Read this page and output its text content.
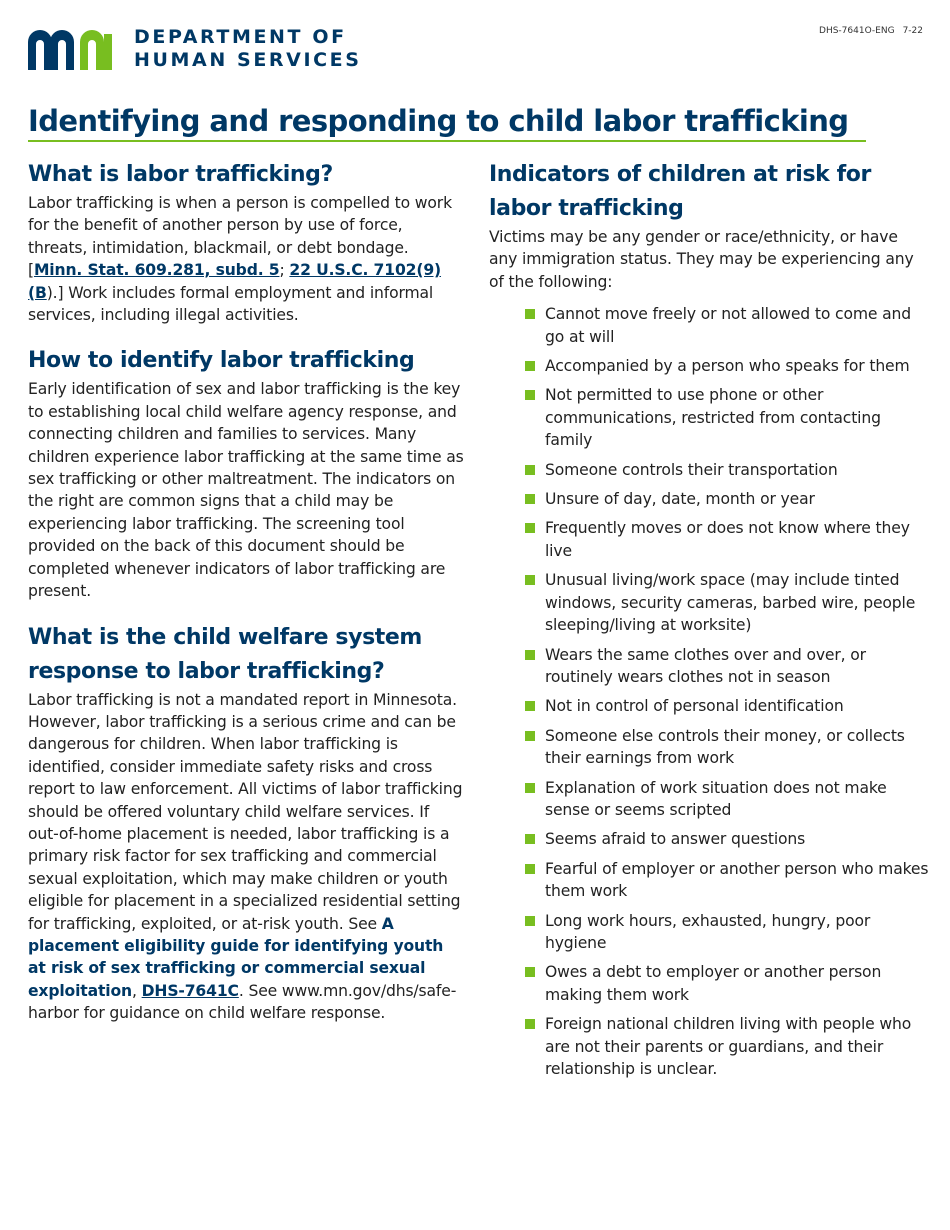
DEPARTMENT OF
HUMAN SERVICES
DHS-7641O-ENG 7-22
Identifying and responding to child labor trafficking
What is labor trafficking?

Labor trafficking is when a person is compelled to work for the benefit of another person by use of force, threats, intimidation, blackmail, or debt bondage. [Minn. Stat. 609.281, subd. 5; 22 U.S.C. 7102(9)(B).] Work includes formal employment and informal services, including illegal activities.

How to identify labor trafficking

Early identification of sex and labor trafficking is the key to establishing local child welfare agency response, and connecting children and families to services. Many children experience labor trafficking at the same time as sex trafficking or other maltreatment. The indicators on the right are common signs that a child may be experiencing labor trafficking. The screening tool provided on the back of this document should be completed whenever indicators of labor trafficking are present.

What is the child welfare system response to labor trafficking?

Labor trafficking is not a mandated report in Minnesota. However, labor trafficking is a serious crime and can be dangerous for children. When labor trafficking is identified, consider immediate safety risks and cross report to law enforcement. All victims of labor trafficking should be offered voluntary child welfare services. If out-of-home placement is needed, labor trafficking is a primary risk factor for sex trafficking and commercial sexual exploitation, which may make children or youth eligible for placement in a specialized residential setting for trafficking, exploited, or at-risk youth. See A placement eligibility guide for identifying youth at risk of sex trafficking or commercial sexual exploitation, DHS-7641C. See www.mn.gov/dhs/safe-harbor for guidance on child welfare response.

Indicators of children at risk for labor trafficking

Victims may be any gender or race/ethnicity, or have any immigration status. They may be experiencing any of the following:

Cannot move freely or not allowed to come and go at will
Accompanied by a person who speaks for them
Not permitted to use phone or other communications, restricted from contacting family
Someone controls their transportation
Unsure of day, date, month or year
Frequently moves or does not know where they live
Unusual living/work space (may include tinted windows, security cameras, barbed wire, people sleeping/living at worksite)
Wears the same clothes over and over, or routinely wears clothes not in season
Not in control of personal identification
Someone else controls their money, or collects their earnings from work
Explanation of work situation does not make sense or seems scripted
Seems afraid to answer questions
Fearful of employer or another person who makes them work
Long work hours, exhausted, hungry, poor hygiene
Owes a debt to employer or another person making them work
Foreign national children living with people who are not their parents or guardians, and their relationship is unclear.
